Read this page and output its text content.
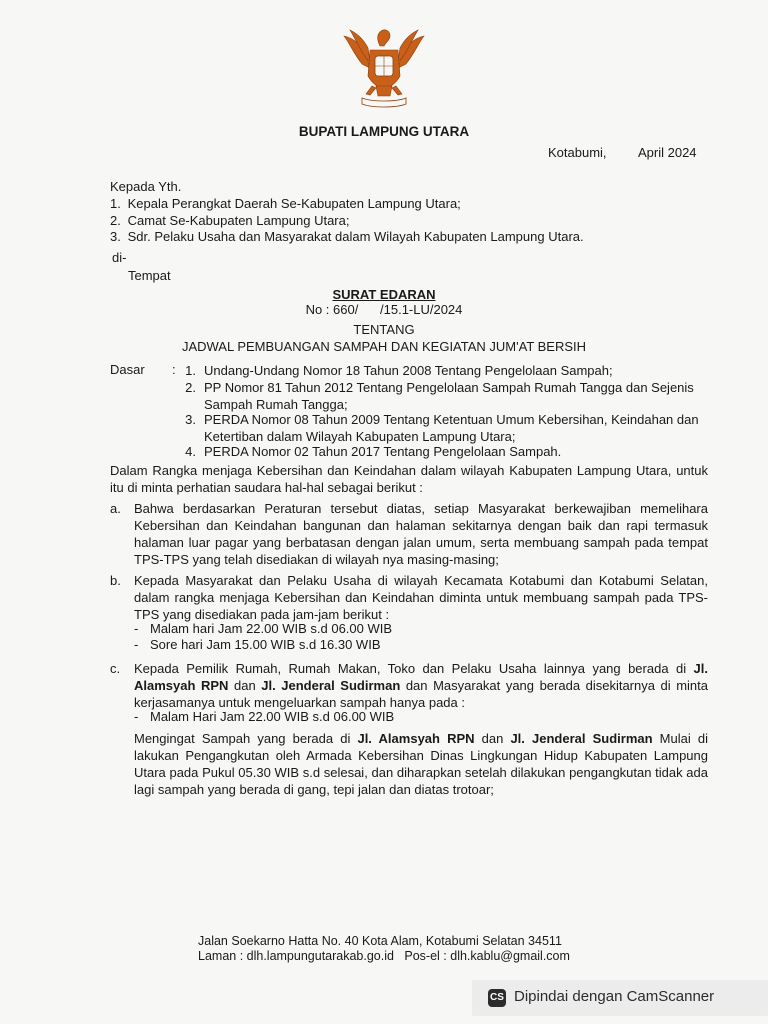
BUPATI LAMPUNG UTARA
Kotabumi, April 2024
Kepada Yth.
1. Kepala Perangkat Daerah Se-Kabupaten Lampung Utara;
2. Camat Se-Kabupaten Lampung Utara;
3. Sdr. Pelaku Usaha dan Masyarakat dalam Wilayah Kabupaten Lampung Utara.
di-
Tempat
SURAT EDARAN
No : 660/      /15.1-LU/2024
TENTANG
JADWAL PEMBUANGAN SAMPAH DAN KEGIATAN JUM'AT BERSIH
Dasar : 1. Undang-Undang Nomor 18 Tahun 2008 Tentang Pengelolaan Sampah;
2. PP Nomor 81 Tahun 2012 Tentang Pengelolaan Sampah Rumah Tangga dan Sejenis Sampah Rumah Tangga;
3. PERDA Nomor 08 Tahun 2009 Tentang Ketentuan Umum Kebersihan, Keindahan dan Ketertiban dalam Wilayah Kabupaten Lampung Utara;
4. PERDA Nomor 02 Tahun 2017 Tentang Pengelolaan Sampah.
Dalam Rangka menjaga Kebersihan dan Keindahan dalam wilayah Kabupaten Lampung Utara, untuk itu di minta perhatian saudara hal-hal sebagai berikut :
a. Bahwa berdasarkan Peraturan tersebut diatas, setiap Masyarakat berkewajiban memelihara Kebersihan dan Keindahan bangunan dan halaman sekitarnya dengan baik dan rapi termasuk halaman luar pagar yang berbatasan dengan jalan umum, serta membuang sampah pada tempat TPS-TPS yang telah disediakan di wilayah nya masing-masing;
b. Kepada Masyarakat dan Pelaku Usaha di wilayah Kecamata Kotabumi dan Kotabumi Selatan, dalam rangka menjaga Kebersihan dan Keindahan diminta untuk membuang sampah pada TPS-TPS yang disediakan pada jam-jam berikut :
- Malam hari Jam 22.00 WIB s.d 06.00 WIB
- Sore hari Jam 15.00 WIB s.d 16.30 WIB
c. Kepada Pemilik Rumah, Rumah Makan, Toko dan Pelaku Usaha lainnya yang berada di Jl. Alamsyah RPN dan Jl. Jenderal Sudirman dan Masyarakat yang berada disekitarnya di minta kerjasamanya untuk mengeluarkan sampah hanya pada :
- Malam Hari Jam 22.00 WIB s.d 06.00 WIB
Mengingat Sampah yang berada di Jl. Alamsyah RPN dan Jl. Jenderal Sudirman Mulai di lakukan Pengangkutan oleh Armada Kebersihan Dinas Lingkungan Hidup Kabupaten Lampung Utara pada Pukul 05.30 WIB s.d selesai, dan diharapkan setelah dilakukan pengangkutan tidak ada lagi sampah yang berada di gang, tepi jalan dan diatas trotoar;
Jalan Soekarno Hatta No. 40 Kota Alam, Kotabumi Selatan 34511
Laman : dlh.lampungutarakab.go.id Pos-el : dlh.kablu@gmail.com
CS Dipindai dengan CamScanner
